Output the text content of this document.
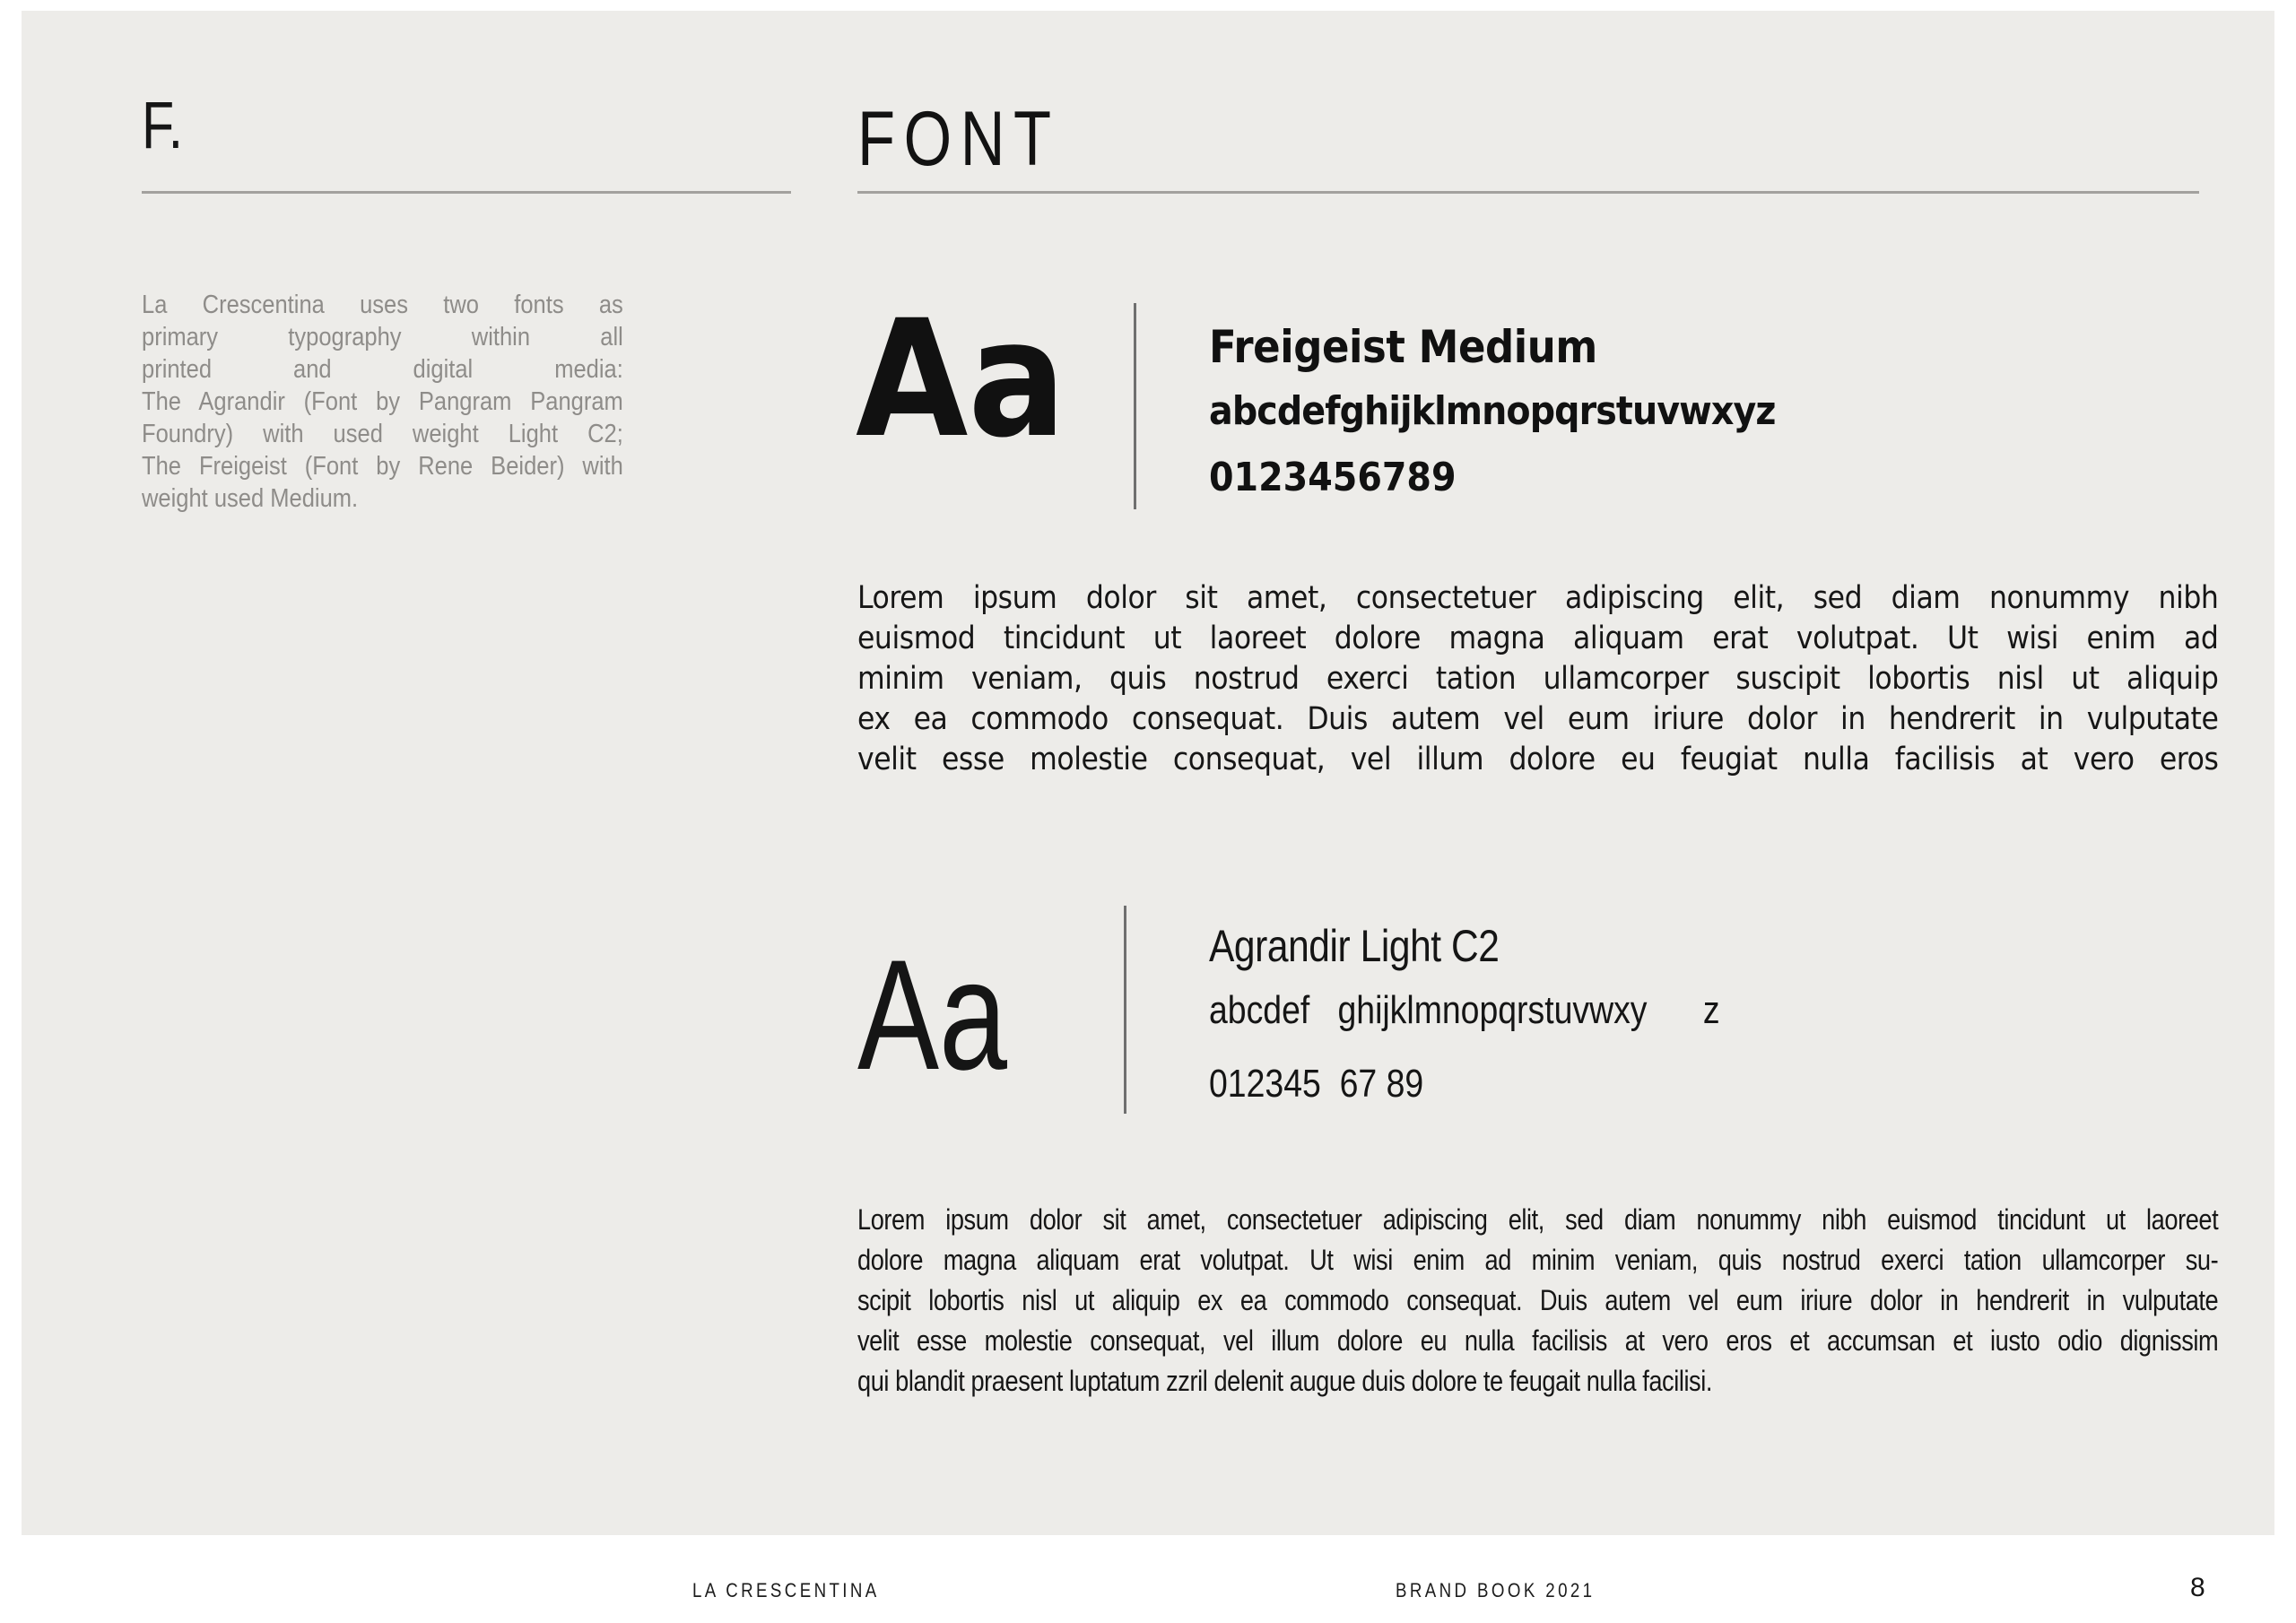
F.	FONT
La Crescentina uses two fonts as
primary typography within all
printed and digital media:
The Agrandir (Font by Pangram Pangram
Foundry) with used weight Light C2;
The Freigeist (Font by Rene Beider) with
weight used Medium.
Aa	Freigeist Medium
abcdefghijklmnopqrstuvwxyz
0123456789
Lorem ipsum dolor sit amet, consectetuer adipiscing elit, sed diam nonummy nibh
euismod tincidunt ut laoreet dolore magna aliquam erat volutpat. Ut wisi enim ad
minim veniam, quis nostrud exerci tation ullamcorper suscipit lobortis nisl ut aliquip
ex ea commodo consequat. Duis autem vel eum iriure dolor in hendrerit in vulputate
velit esse molestie consequat, vel illum dolore eu feugiat nulla facilisis at vero eros
Aa	Agrandir Light C2
abcdef   ghijklmnopqrstuvwxy      z
012345  67 89
Lorem ipsum dolor sit amet, consectetuer adipiscing elit, sed diam nonummy nibh euismod tincidunt ut laoreet
dolore magna aliquam erat volutpat. Ut wisi enim ad minim veniam, quis nostrud exerci tation ullamcorper su-
scipit lobortis nisl ut aliquip ex ea commodo consequat. Duis autem vel eum iriure dolor in hendrerit in vulputate
velit esse molestie consequat, vel illum dolore eu nulla facilisis at vero eros et accumsan et iusto odio dignissim
qui blandit praesent luptatum zzril delenit augue duis dolore te feugait nulla facilisi.
LA CRESCENTINA	BRAND BOOK 2021	8
